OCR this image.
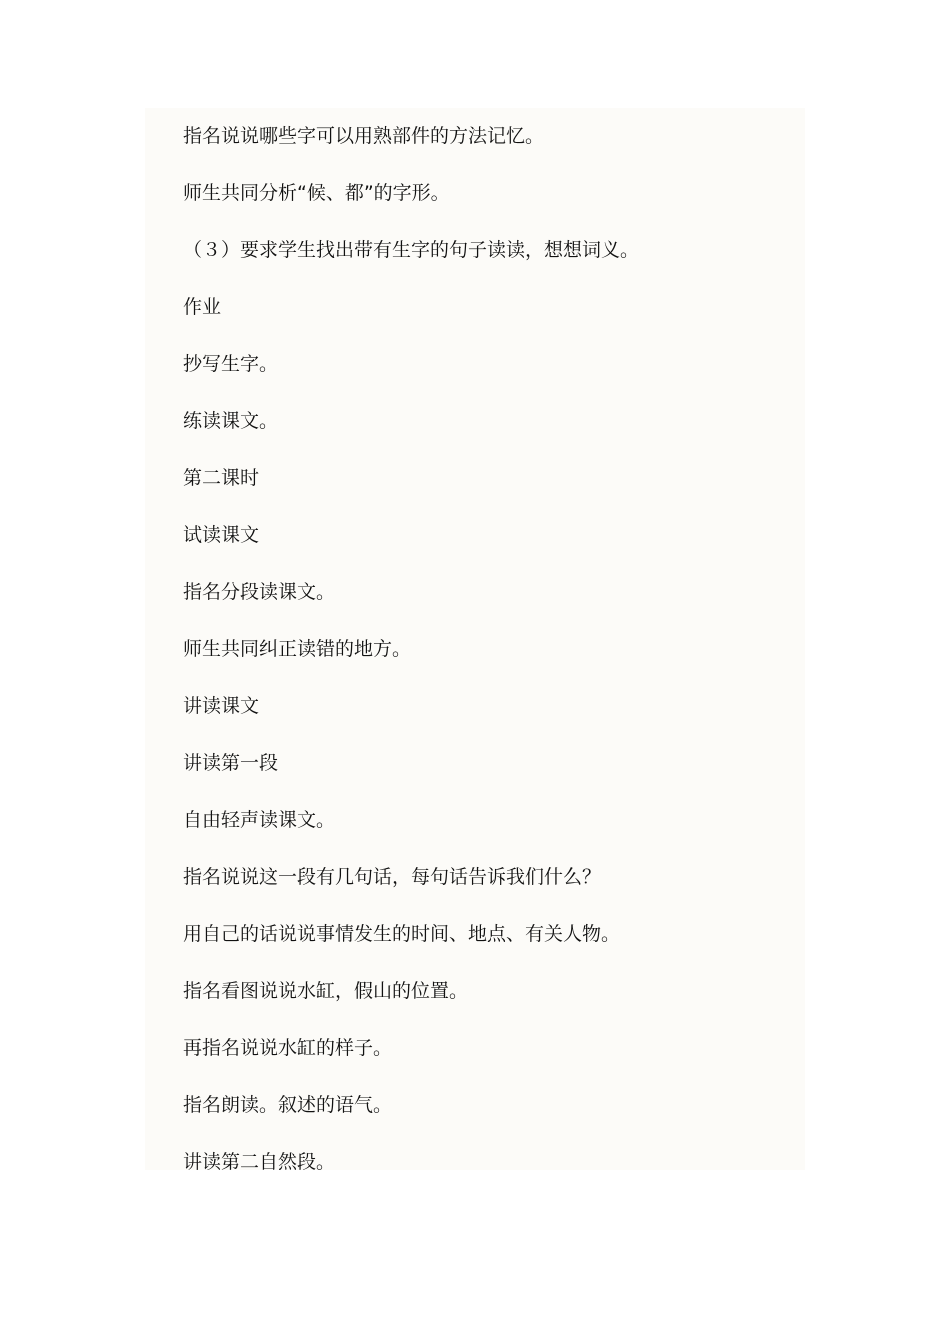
指名说说哪些字可以用熟部件的方法记忆。
师生共同分析“候、都”的字形。
（３）要求学生找出带有生字的句子读读，想想词义。
作业
抄写生字。
练读课文。
第二课时
试读课文
指名分段读课文。
师生共同纠正读错的地方。
讲读课文
讲读第一段
自由轻声读课文。
指名说说这一段有几句话，每句话告诉我们什么？
用自己的话说说事情发生的时间、地点、有关人物。
指名看图说说水缸，假山的位置。
再指名说说水缸的样子。
指名朗读。叙述的语气。
讲读第二自然段。
